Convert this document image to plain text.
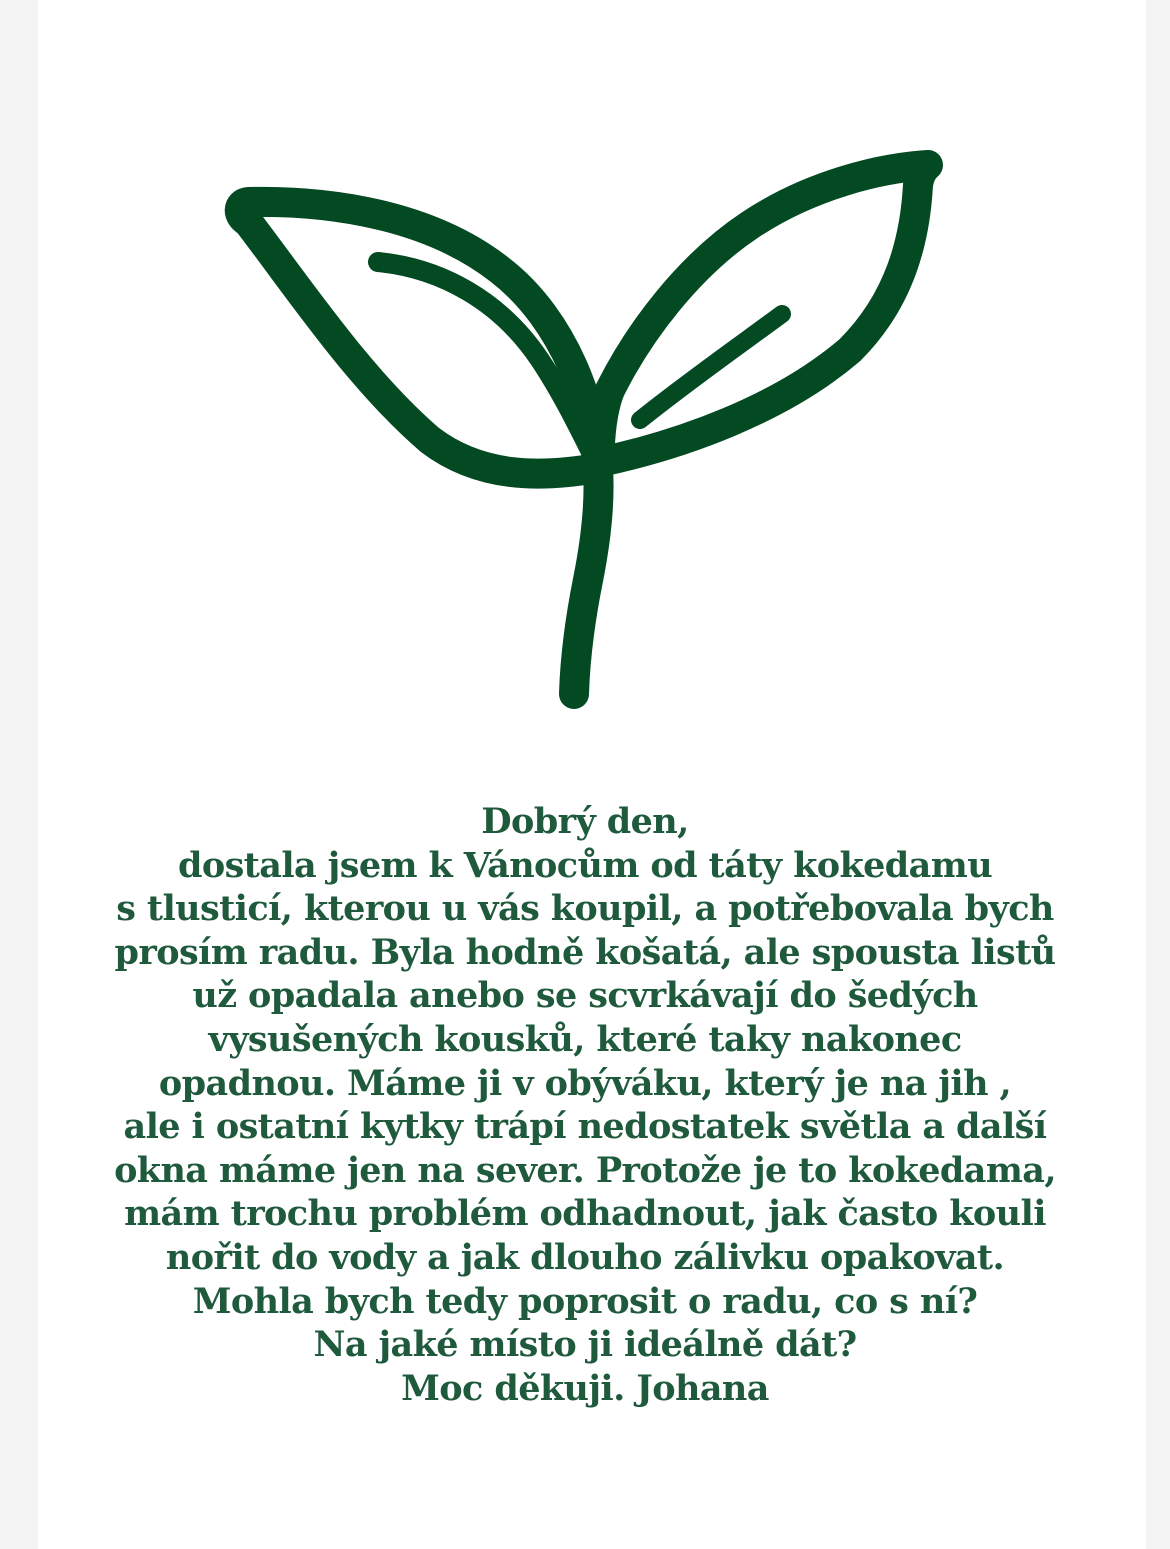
Dobrý den,
dostala jsem k Vánocům od táty kokedamu
s tlusticí, kterou u vás koupil, a potřebovala bych
prosím radu. Byla hodně košatá, ale spousta listů
už opadala anebo se scvrkávají do šedých
vysušených kousků, které taky nakonec
opadnou. Máme ji v obýváku, který je na jih ,
ale i ostatní kytky trápí nedostatek světla a další
okna máme jen na sever. Protože je to kokedama,
mám trochu problém odhadnout, jak často kouli
nořit do vody a jak dlouho zálivku opakovat.
Mohla bych tedy poprosit o radu, co s ní?
Na jaké místo ji ideálně dát?
Moc děkuji. Johana
